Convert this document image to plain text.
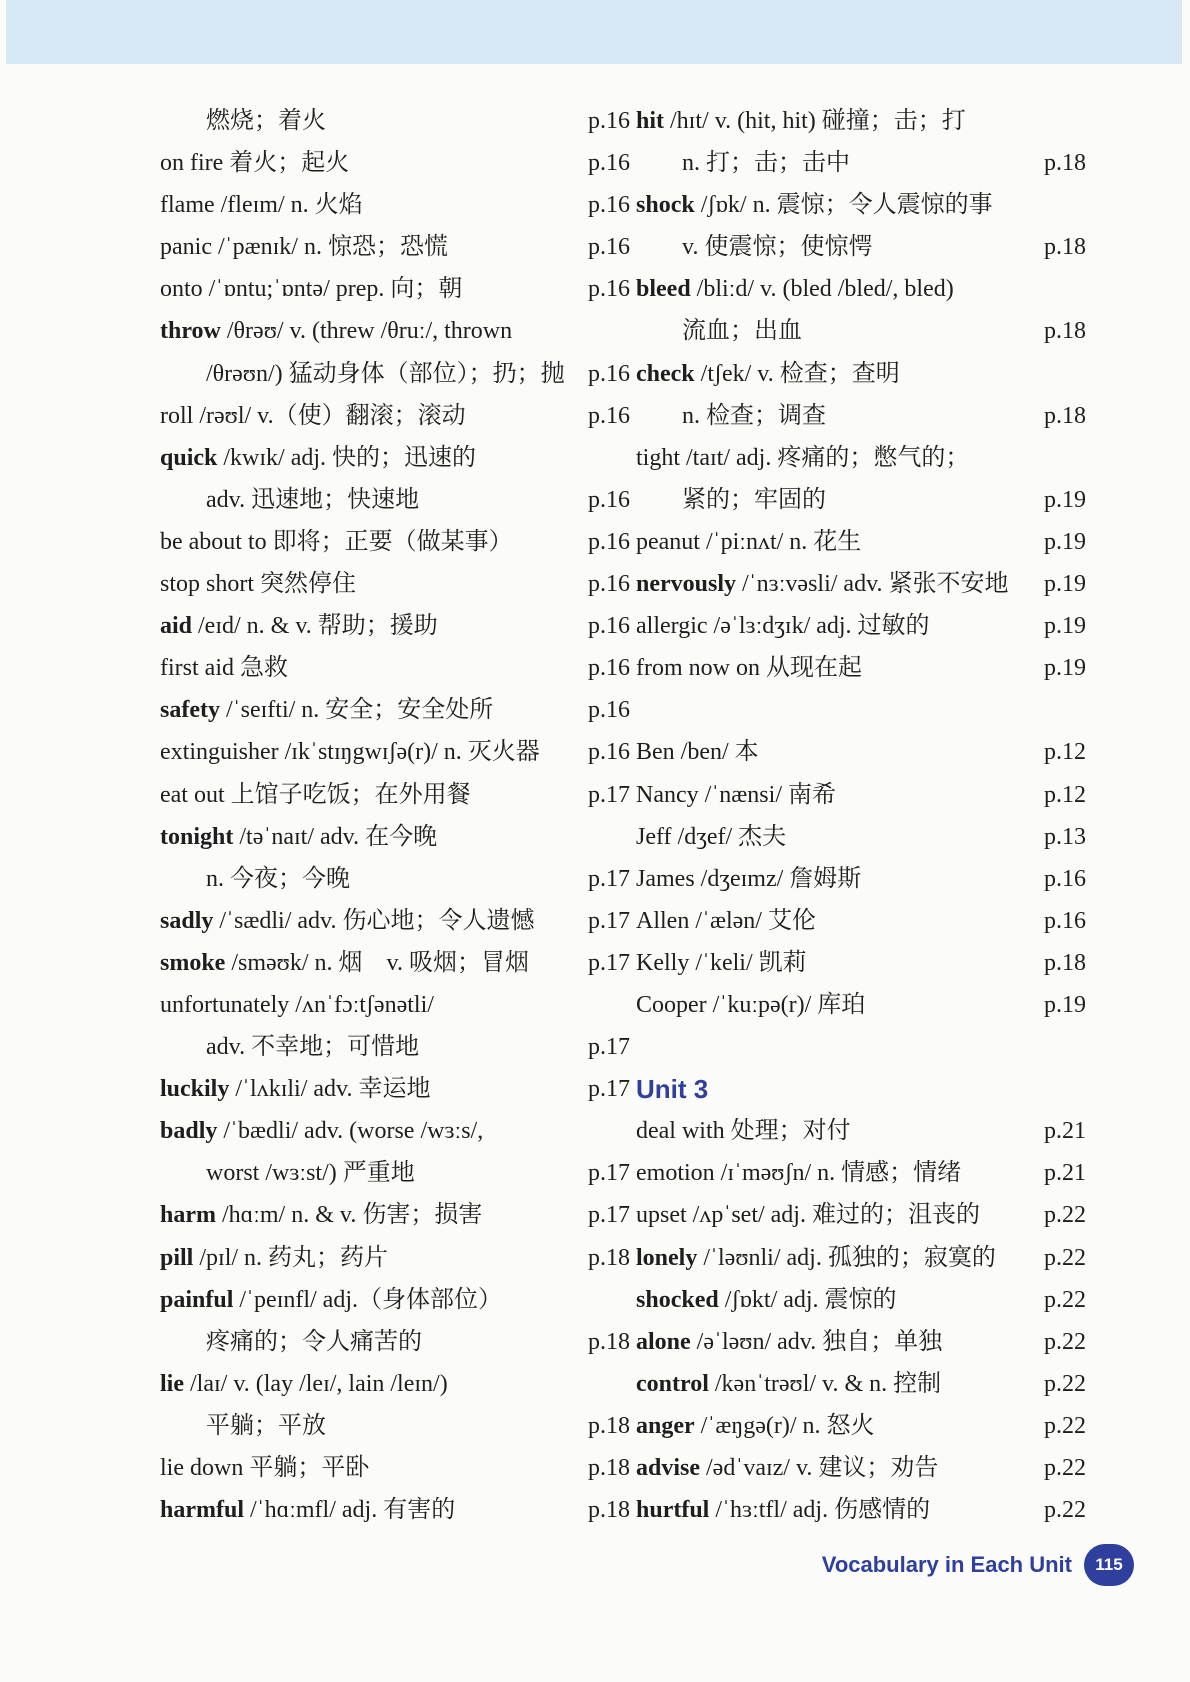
燃烧；着火	p.16
on fire 着火；起火	p.16
flame /fleɪm/ n. 火焰	p.16
panic /ˈpænɪk/ n. 惊恐；恐慌	p.16
onto /ˈɒntu;ˈɒntə/ prep. 向；朝	p.16
throw /θrəʊ/ v. (threw /θruː/, thrown
/θrəʊn/) 猛动身体（部位）；扔；抛 p.16
roll /rəʊl/ v.（使）翻滚；滚动	p.16
quick /kwɪk/ adj. 快的；迅速的
adv. 迅速地；快速地	p.16
be about to 即将；正要（做某事）	p.16
stop short 突然停住	p.16
aid /eɪd/ n. & v. 帮助；援助	p.16
first aid 急救	p.16
safety /ˈseɪfti/ n. 安全；安全处所	p.16
extinguisher /ɪkˈstɪŋgwɪʃə(r)/ n. 灭火器 p.16
eat out 上馆子吃饭；在外用餐	p.17
tonight /təˈnaɪt/ adv. 在今晚
n. 今夜；今晚	p.17
sadly /ˈsædli/ adv. 伤心地；令人遗憾 p.17
smoke /sməʊk/ n. 烟　v. 吸烟；冒烟 p.17
unfortunately /ʌnˈfɔːtʃənətli/
adv. 不幸地；可惜地	p.17
luckily /ˈlʌkɪli/ adv. 幸运地	p.17
badly /ˈbædli/ adv. (worse /wɜːs/,
worst /wɜːst/) 严重地	p.17
harm /hɑːm/ n. & v. 伤害；损害	p.17
pill /pɪl/ n. 药丸；药片	p.18
painful /ˈpeɪnfl/ adj.（身体部位）
疼痛的；令人痛苦的	p.18
lie /laɪ/ v. (lay /leɪ/, lain /leɪn/)
平躺；平放	p.18
lie down 平躺；平卧	p.18
harmful /ˈhɑːmfl/ adj. 有害的	p.18
hit /hɪt/ v. (hit, hit) 碰撞；击；打
n. 打；击；击中	p.18
shock /ʃɒk/ n. 震惊；令人震惊的事
v. 使震惊；使惊愕	p.18
bleed /bliːd/ v. (bled /bled/, bled)
流血；出血	p.18
check /tʃek/ v. 检查；查明
n. 检查；调查	p.18
tight /taɪt/ adj. 疼痛的；憋气的；
紧的；牢固的	p.19
peanut /ˈpiːnʌt/ n. 花生	p.19
nervously /ˈnɜːvəsli/ adv. 紧张不安地 p.19
allergic /əˈlɜːdʒɪk/ adj. 过敏的	p.19
from now on 从现在起	p.19
Ben /ben/ 本	p.12
Nancy /ˈnænsi/ 南希	p.12
Jeff /dʒef/ 杰夫	p.13
James /dʒeɪmz/ 詹姆斯	p.16
Allen /ˈælən/ 艾伦	p.16
Kelly /ˈkeli/ 凯莉	p.18
Cooper /ˈkuːpə(r)/ 库珀	p.19
Unit 3
deal with 处理；对付	p.21
emotion /ɪˈməʊʃn/ n. 情感；情绪	p.21
upset /ʌpˈset/ adj. 难过的；沮丧的	p.22
lonely /ˈləʊnli/ adj. 孤独的；寂寞的 p.22
shocked /ʃɒkt/ adj. 震惊的	p.22
alone /əˈləʊn/ adv. 独自；单独	p.22
control /kənˈtrəʊl/ v. & n. 控制	p.22
anger /ˈæŋgə(r)/ n. 怒火	p.22
advise /ədˈvaɪz/ v. 建议；劝告	p.22
hurtful /ˈhɜːtfl/ adj. 伤感情的	p.22
Vocabulary in Each Unit	115
